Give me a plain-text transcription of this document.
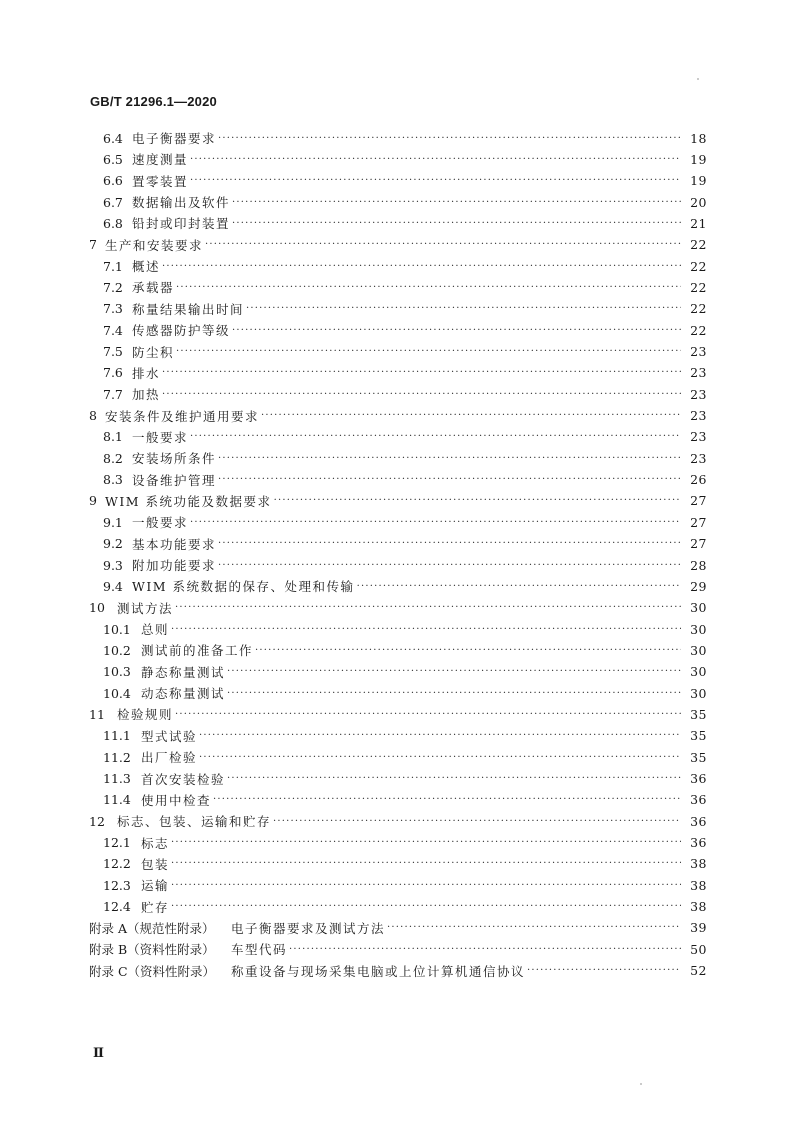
GB/T 21296.1—2020
6.4 电子衡器要求 ·····	18
6.5 速度测量 ·····	19
6.6 置零装置 ·····	19
6.7 数据输出及软件 ·····	20
6.8 铅封或印封装置 ·····	21
7 生产和安装要求 ·····	22
7.1 概述 ·····	22
7.2 承载器 ·····	22
7.3 称量结果输出时间 ·····	22
7.4 传感器防护等级 ·····	22
7.5 防尘积 ·····	23
7.6 排水 ·····	23
7.7 加热 ·····	23
8 安装条件及维护通用要求 ·····	23
8.1 一般要求 ·····	23
8.2 安装场所条件 ·····	23
8.3 设备维护管理 ·····	26
9 WIM 系统功能及数据要求 ·····	27
9.1 一般要求 ·····	27
9.2 基本功能要求 ·····	27
9.3 附加功能要求 ·····	28
9.4 WIM 系统数据的保存、处理和传输 ·····	29
10 测试方法 ·····	30
10.1 总则 ·····	30
10.2 测试前的准备工作 ·····	30
10.3 静态称量测试 ·····	30
10.4 动态称量测试 ·····	30
11 检验规则 ·····	35
11.1 型式试验 ·····	35
11.2 出厂检验 ·····	35
11.3 首次安装检验 ·····	36
11.4 使用中检查 ·····	36
12 标志、包装、运输和贮存 ·····	36
12.1 标志 ·····	36
12.2 包装 ·····	38
12.3 运输 ·····	38
12.4 贮存 ·····	38
附录 A（规范性附录）	电子衡器要求及测试方法 ·····	39
附录 B（资料性附录）	车型代码 ·····	50
附录 C（资料性附录）	称重设备与现场采集电脑或上位计算机通信协议 ·····	52
Ⅱ
